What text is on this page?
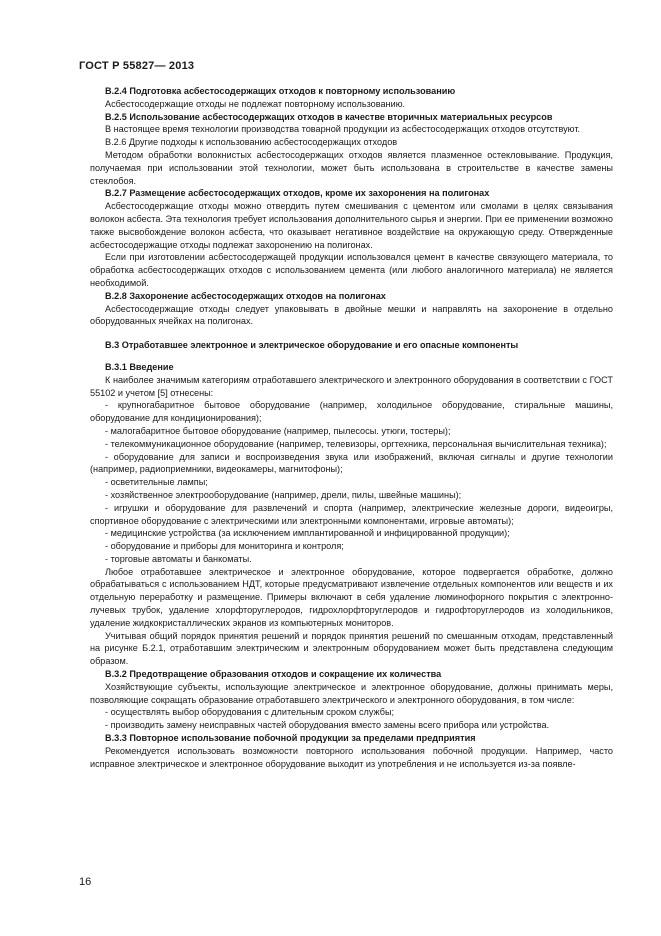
ГОСТ Р 55827— 2013

В.2.4 Подготовка асбестосодержащих отходов к повторному использованию

Асбестосодержащие отходы не подлежат повторному использованию.

В.2.5 Использование асбестосодержащих отходов в качестве вторичных материальных ресурсов

В настоящее время технологии производства товарной продукции из асбестосодержащих отходов отсутствуют.

В.2.6 Другие подходы к использованию асбестосодержащих отходов

Методом обработки волокнистых асбестосодержащих отходов является плазменное остекловывание. Продукция, получаемая при использовании этой технологии, может быть использована в строительстве в качестве замены стеклобоя.

В.2.7 Размещение асбестосодержащих отходов, кроме их захоронения на полигонах

Асбестосодержащие отходы можно отвердить путем смешивания с цементом или смолами в целях связывания волокон асбеста. Эта технология требует использования дополнительного сырья и энергии. При ее применении возможно также высвобождение волокон асбеста, что оказывает негативное воздействие на окружающую среду. Отвержденные асбестосодержащие отходы подлежат захоронению на полигонах.

Если при изготовлении асбестосодержащей продукции использовался цемент в качестве связующего материала, то обработка асбестосодержащих отходов с использованием цемента (или любого аналогичного материала) не является необходимой.

В.2.8 Захоронение асбестосодержащих отходов на полигонах

Асбестосодержащие отходы следует упаковывать в двойные мешки и направлять на захоронение в отдельно оборудованных ячейках на полигонах.

В.3 Отработавшее электронное и электрическое оборудование и его опасные компоненты

В.3.1 Введение

К наиболее значимым категориям отработавшего электрического и электронного оборудования в соответствии с ГОСТ 55102 и учетом [5] отнесены:

- крупногабаритное бытовое оборудование (например, холодильное оборудование, стиральные машины, оборудование для кондиционирования);

- малогабаритное бытовое оборудование (например, пылесосы. утюги, тостеры);

- телекоммуникационное оборудование (например, телевизоры, оргтехника, персональная вычислительная техника);

- оборудование для записи и воспроизведения звука или изображений, включая сигналы и другие технологии (например, радиоприемники, видеокамеры, магнитофоны);

- осветительные лампы;

- хозяйственное электрооборудование (например, дрели, пилы, швейные машины);

- игрушки и оборудование для развлечений и спорта (например, электрические железные дороги, видеоигры, спортивное оборудование с электрическими или электронными компонентами, игровые автоматы);

- медицинские устройства (за исключением имплантированной и инфицированной продукции);

- оборудование и приборы для мониторинга и контроля;

- торговые автоматы и банкоматы.

Любое отработавшее электрическое и электронное оборудование, которое подвергается обработке, должно обрабатываться с использованием НДТ, которые предусматривают извлечение отдельных компонентов или веществ и их отдельную переработку и размещение. Примеры включают в себя удаление люминофорного покрытия с электронно-лучевых трубок, удаление хлорфторуглеродов, гидрохлорфторуглеродов и гидрофторуглеродов из холодильников, удаление жидкокристаллических экранов из компьютерных мониторов.

Учитывая общий порядок принятия решений и порядок принятия решений по смешанным отходам, представленный на рисунке Б.2.1, отработавшим электрическим и электронным оборудованием может быть представлена следующим образом.

В.3.2 Предотвращение образования отходов и сокращение их количества

Хозяйствующие субъекты, использующие электрическое и электронное оборудование, должны принимать меры, позволяющие сокращать образование отработавшего электрического и электронного оборудования, в том числе:

- осуществлять выбор оборудования с длительным сроком службы;

- производить замену неисправных частей оборудования вместо замены всего прибора или устройства.

В.3.3 Повторное использование побочной продукции за пределами предприятия

Рекомендуется использовать возможности повторного использования побочной продукции. Например, часто исправное электрическое и электронное оборудование выходит из употребления и не используется из-за появле-

16
